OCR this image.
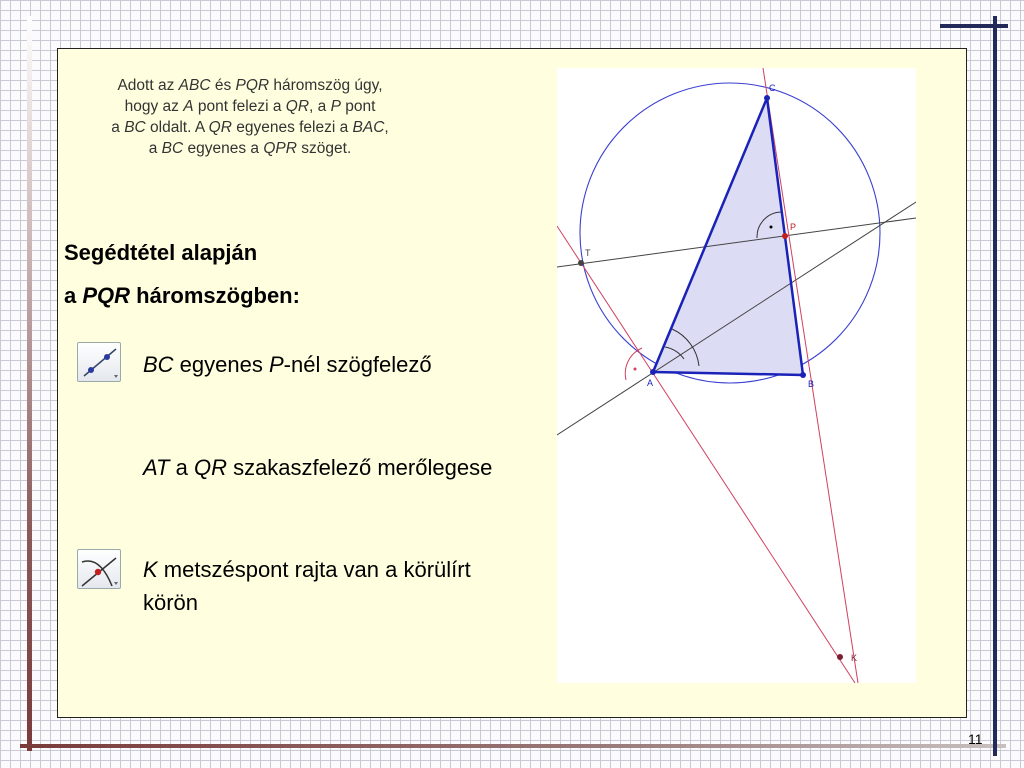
Adott az ABC és PQR háromszög úgy,
hogy az A pont felezi a QR, a P pont
a BC oldalt. A QR egyenes felezi a BAC,
a BC egyenes a QPR szöget.
Segédtétel alapján
a PQR háromszögben:
BC egyenes P-nél szögfelező
AT a QR szakaszfelező merőlegese
K metszéspont rajta van a körülírt körön
A	B
C
P
T
K
11
